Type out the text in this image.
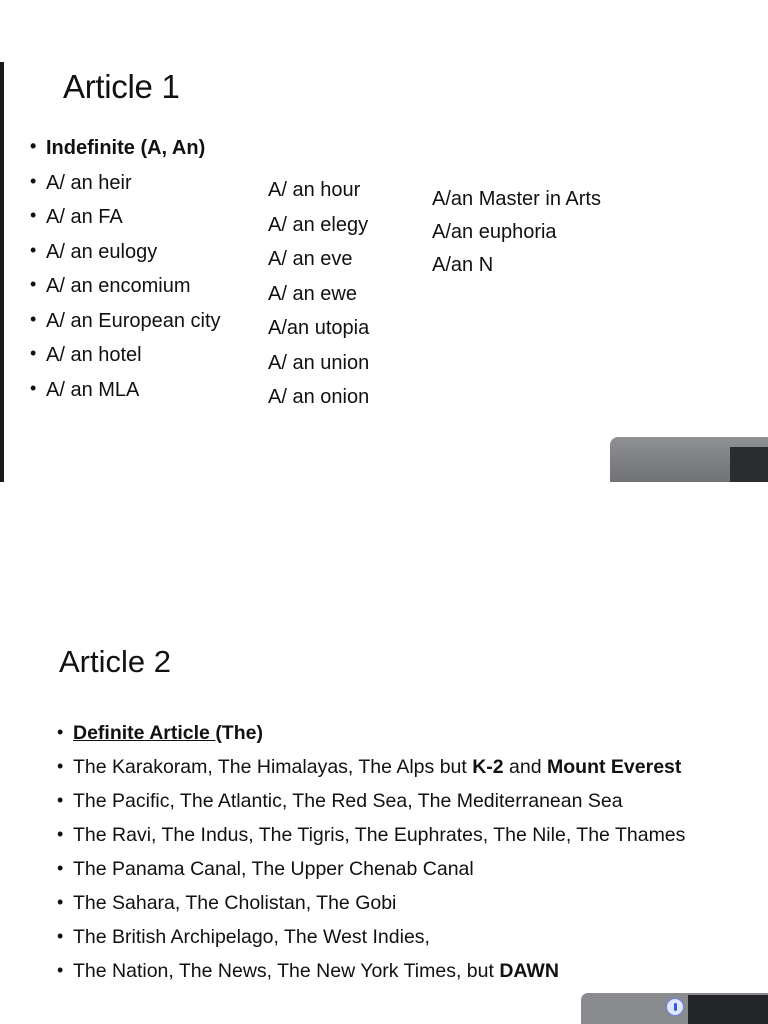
Article 1
• Indefinite (A, An)
• A/ an heir
• A/ an FA
• A/ an eulogy
• A/ an encomium
• A/ an European city
• A/ an hotel
• A/ an MLA
A/ an hour
A/ an elegy
A/ an eve
A/ an ewe
A/an utopia
A/ an union
A/ an onion
A/an Master in Arts
A/an euphoria
A/an N
Article 2
• Definite Article (The)
• The Karakoram, The Himalayas, The Alps but K-2 and Mount Everest
• The Pacific, The Atlantic, The Red Sea, The Mediterranean Sea
• The Ravi, The Indus, The Tigris, The Euphrates, The Nile, The Thames
• The Panama Canal, The Upper Chenab Canal
• The Sahara, The Cholistan, The Gobi
• The British Archipelago, The West Indies,
• The Nation, The News, The New York Times, but DAWN
